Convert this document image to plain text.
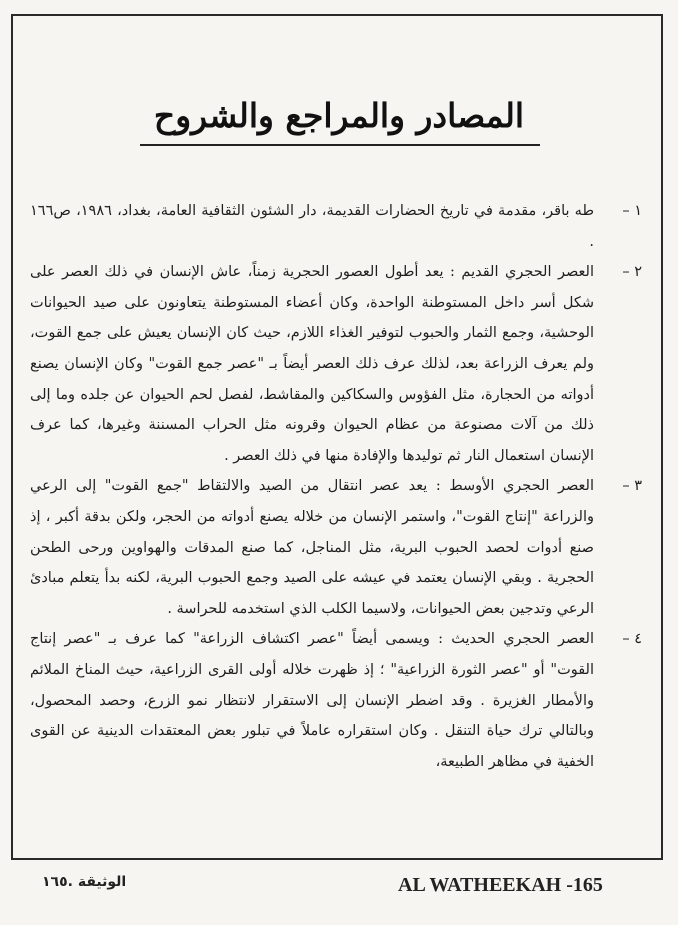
المصادر والمراجع والشروح
١ –
طه باقر، مقدمة في تاريخ الحضارات القديمة، دار الشئون الثقافية العامة، بغداد، ١٩٨٦، ص١٦٦ .
٢ –
العصر الحجري القديم : يعد أطول العصور الحجرية زمناً، عاش الإنسان في ذلك العصر على شكل أسر داخل المستوطنة الواحدة، وكان أعضاء المستوطنة يتعاونون على صيد الحيوانات الوحشية، وجمع الثمار والحبوب لتوفير الغذاء اللازم، حيث كان الإنسان يعيش على جمع القوت، ولم يعرف الزراعة بعد، لذلك عرف ذلك العصر أيضاً بـ "عصر جمع القوت" وكان الإنسان يصنع أدواته من الحجارة، مثل الفؤوس والسكاكين والمقاشط، لفصل لحم الحيوان عن جلده وما إلى ذلك من آلات مصنوعة من عظام الحيوان وقرونه مثل الحراب المسننة وغيرها، كما عرف الإنسان استعمال النار ثم توليدها والإفادة منها في ذلك العصر .
٣ –
العصر الحجري الأوسط : يعد عصر انتقال من الصيد والالتقاط "جمع القوت" إلى الرعي والزراعة "إنتاج القوت"، واستمر الإنسان من خلاله يصنع أدواته من الحجر، ولكن بدقة أكبر ، إذ صنع أدوات لحصد الحبوب البرية، مثل المناجل، كما صنع المدقات والهواوين ورحى الطحن الحجرية . وبقي الإنسان يعتمد في عيشه على الصيد وجمع الحبوب البرية، لكنه بدأ يتعلم مبادئ الرعي وتدجين بعض الحيوانات، ولاسيما الكلب الذي استخدمه للحراسة .
٤ –
العصر الحجري الحديث : ويسمى أيضاً "عصر اكتشاف الزراعة" كما عرف بـ "عصر إنتاج القوت" أو "عصر الثورة الزراعية" ؛ إذ ظهرت خلاله أولى القرى الزراعية، حيث المناخ الملائم والأمطار الغزيرة . وقد اضطر الإنسان إلى الاستقرار لانتظار نمو الزرع، وحصد المحصول، وبالتالي ترك حياة التنقل . وكان استقراره عاملاً في تبلور بعض المعتقدات الدينية عن القوى الخفية في مظاهر الطبيعة،
الوثيقة .١٦٥	AL WATHEEKAH -165
